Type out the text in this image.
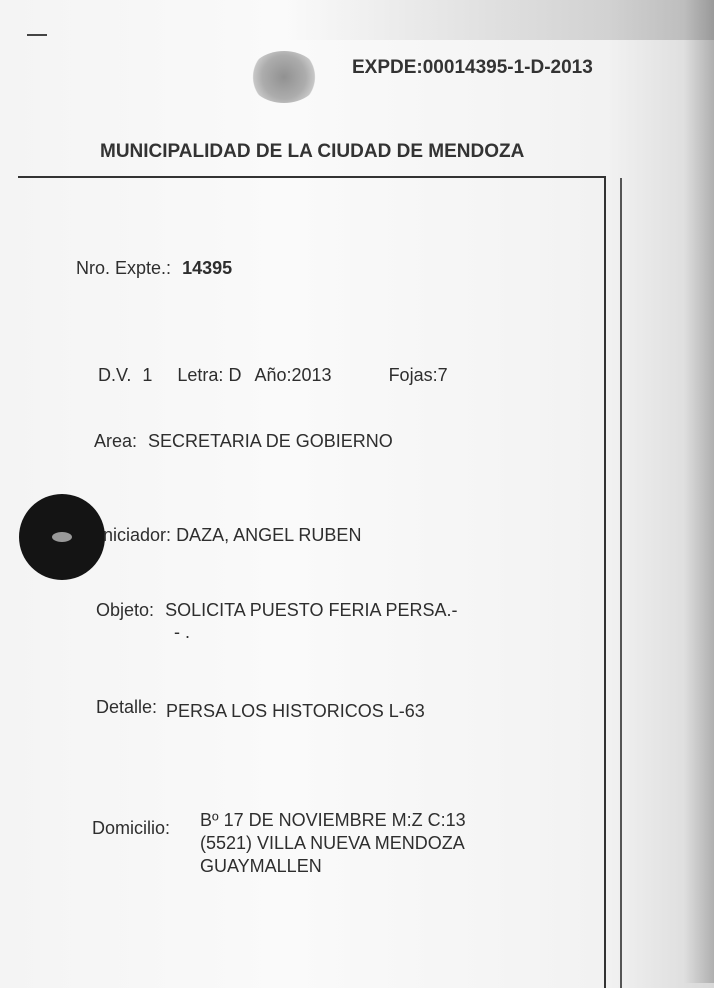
EXPDE:00014395-1-D-2013
MUNICIPALIDAD DE LA CIUDAD DE MENDOZA
Nro. Expte.: 14395
D.V. 1 Letra: D Año:2013	Fojas:7
Area: SECRETARIA DE GOBIERNO
niciador: DAZA, ANGEL RUBEN
Objeto: SOLICITA PUESTO FERIA PERSA.-
- .
Detalle: PERSA LOS HISTORICOS L-63
Domicilio: Bº 17 DE NOVIEMBRE M:Z C:13
(5521) VILLA NUEVA MENDOZA
GUAYMALLEN
